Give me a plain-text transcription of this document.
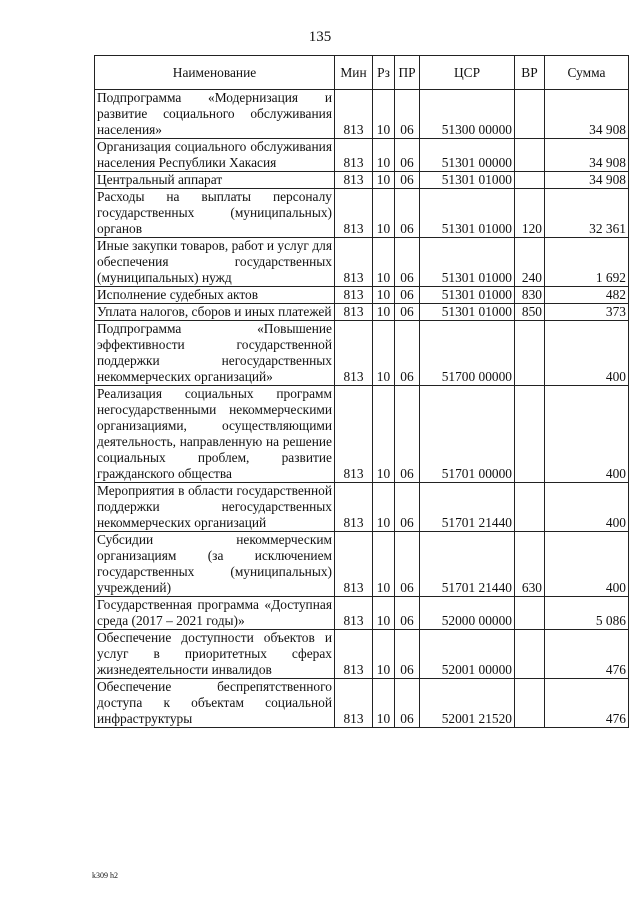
135
Наименование	Мин	Рз	ПР	ЦСР	ВР	Сумма
Подпрограмма «Модернизация и развитие социального обслуживания населения»	813	10	06	51300 00000		34 908
Организация социального обслуживания населения Республики Хакасия	813	10	06	51301 00000		34 908
Центральный аппарат	813	10	06	51301 01000		34 908
Расходы на выплаты персоналу государственных (муниципальных) органов	813	10	06	51301 01000	120	32 361
Иные закупки товаров, работ и услуг для обеспечения государственных (муниципальных) нужд	813	10	06	51301 01000	240	1 692
Исполнение судебных актов	813	10	06	51301 01000	830	482
Уплата налогов, сборов и иных платежей	813	10	06	51301 01000	850	373
Подпрограмма «Повышение эффективности государственной поддержки негосударственных некоммерческих организаций»	813	10	06	51700 00000		400
Реализация социальных программ негосударственными некоммерческими организациями, осуществляющими деятельность, направленную на решение социальных проблем, развитие гражданского общества	813	10	06	51701 00000		400
Мероприятия в области государственной поддержки негосударственных некоммерческих организаций	813	10	06	51701 21440		400
Субсидии некоммерческим организациям (за исключением государственных (муниципальных) учреждений)	813	10	06	51701 21440	630	400
Государственная программа «Доступная среда (2017 – 2021 годы)»	813	10	06	52000 00000		5 086
Обеспечение доступности объектов и услуг в приоритетных сферах жизнедеятельности инвалидов	813	10	06	52001 00000		476
Обеспечение беспрепятственного доступа к объектам социальной инфраструктуры	813	10	06	52001 21520		476
k309 h2
